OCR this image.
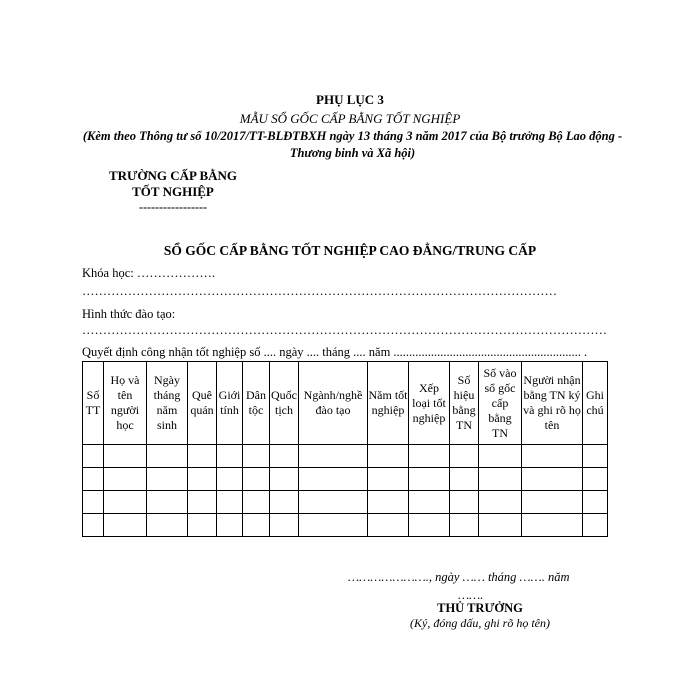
PHỤ LỤC 3
MẪU SỔ GỐC CẤP BẰNG TỐT NGHIỆP
(Kèm theo Thông tư số 10/2017/TT-BLĐTBXH ngày 13 tháng 3 năm 2017 của Bộ trưởng Bộ Lao động - Thương binh và Xã hội)
TRƯỜNG CẤP BẰNG
TỐT NGHIỆP
-----------------
SỔ GỐC CẤP BẰNG TỐT NGHIỆP CAO ĐẲNG/TRUNG CẤP
Khóa học: ……………….
……………………………………………………………………………………………………
Hình thức đào tạo:
………………………………………………………………………………………………………………
Quyết định công nhận tốt nghiệp số .... ngày .... tháng .... năm ............................................................ .
Số TT	Họ và tên người học	Ngày tháng năm sinh	Quê quán	Giới tính	Dân tộc	Quốc tịch	Ngành/nghề đào tạo	Năm tốt nghiệp	Xếp loại tốt nghiệp	Số hiệu bằng TN	Số vào sổ gốc cấp bằng TN	Người nhận bằng TN ký và ghi rõ họ tên	Ghi chú

…………………., ngày …… tháng ……. năm
…….
THỦ TRƯỞNG
(Ký, đóng dấu, ghi rõ họ tên)
